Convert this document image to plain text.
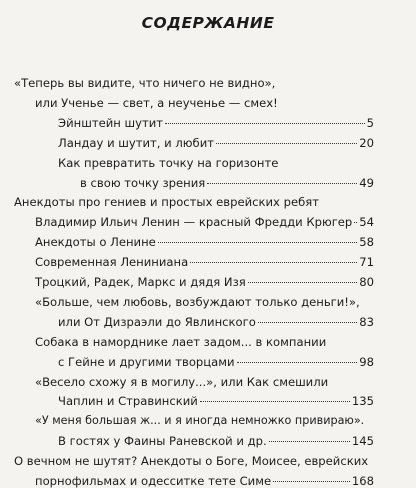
СОДЕРЖАНИЕ
«Теперь вы видите, что ничего не видно»,
или Ученье — свет, а неученье — смех!
Эйнштейн шутит	5
Ландау и шутит, и любит	20
Как превратить точку на горизонте
в свою точку зрения	49
Анекдоты про гениев и простых еврейских ребят
Владимир Ильич Ленин — красный Фредди Крюгер 54
Анекдоты о Ленине	58
Современная Лениниана	71
Троцкий, Радек, Маркс и дядя Изя	80
«Больше, чем любовь, возбуждают только деньги!»,
или От Дизраэли до Явлинского	83
Собака в наморднике лает задом... в компании
с Гейне и другими творцами	98
«Весело схожу я в могилу...», или Как смешили
Чаплин и Стравинский	135
«У меня большая ж... и я иногда немножко привираю».
В гостях у Фаины Раневской и др.	145
О вечном не шутят? Анекдоты о Боге, Моисее, еврейских
порнофильмах и одесситке тете Симе	168
